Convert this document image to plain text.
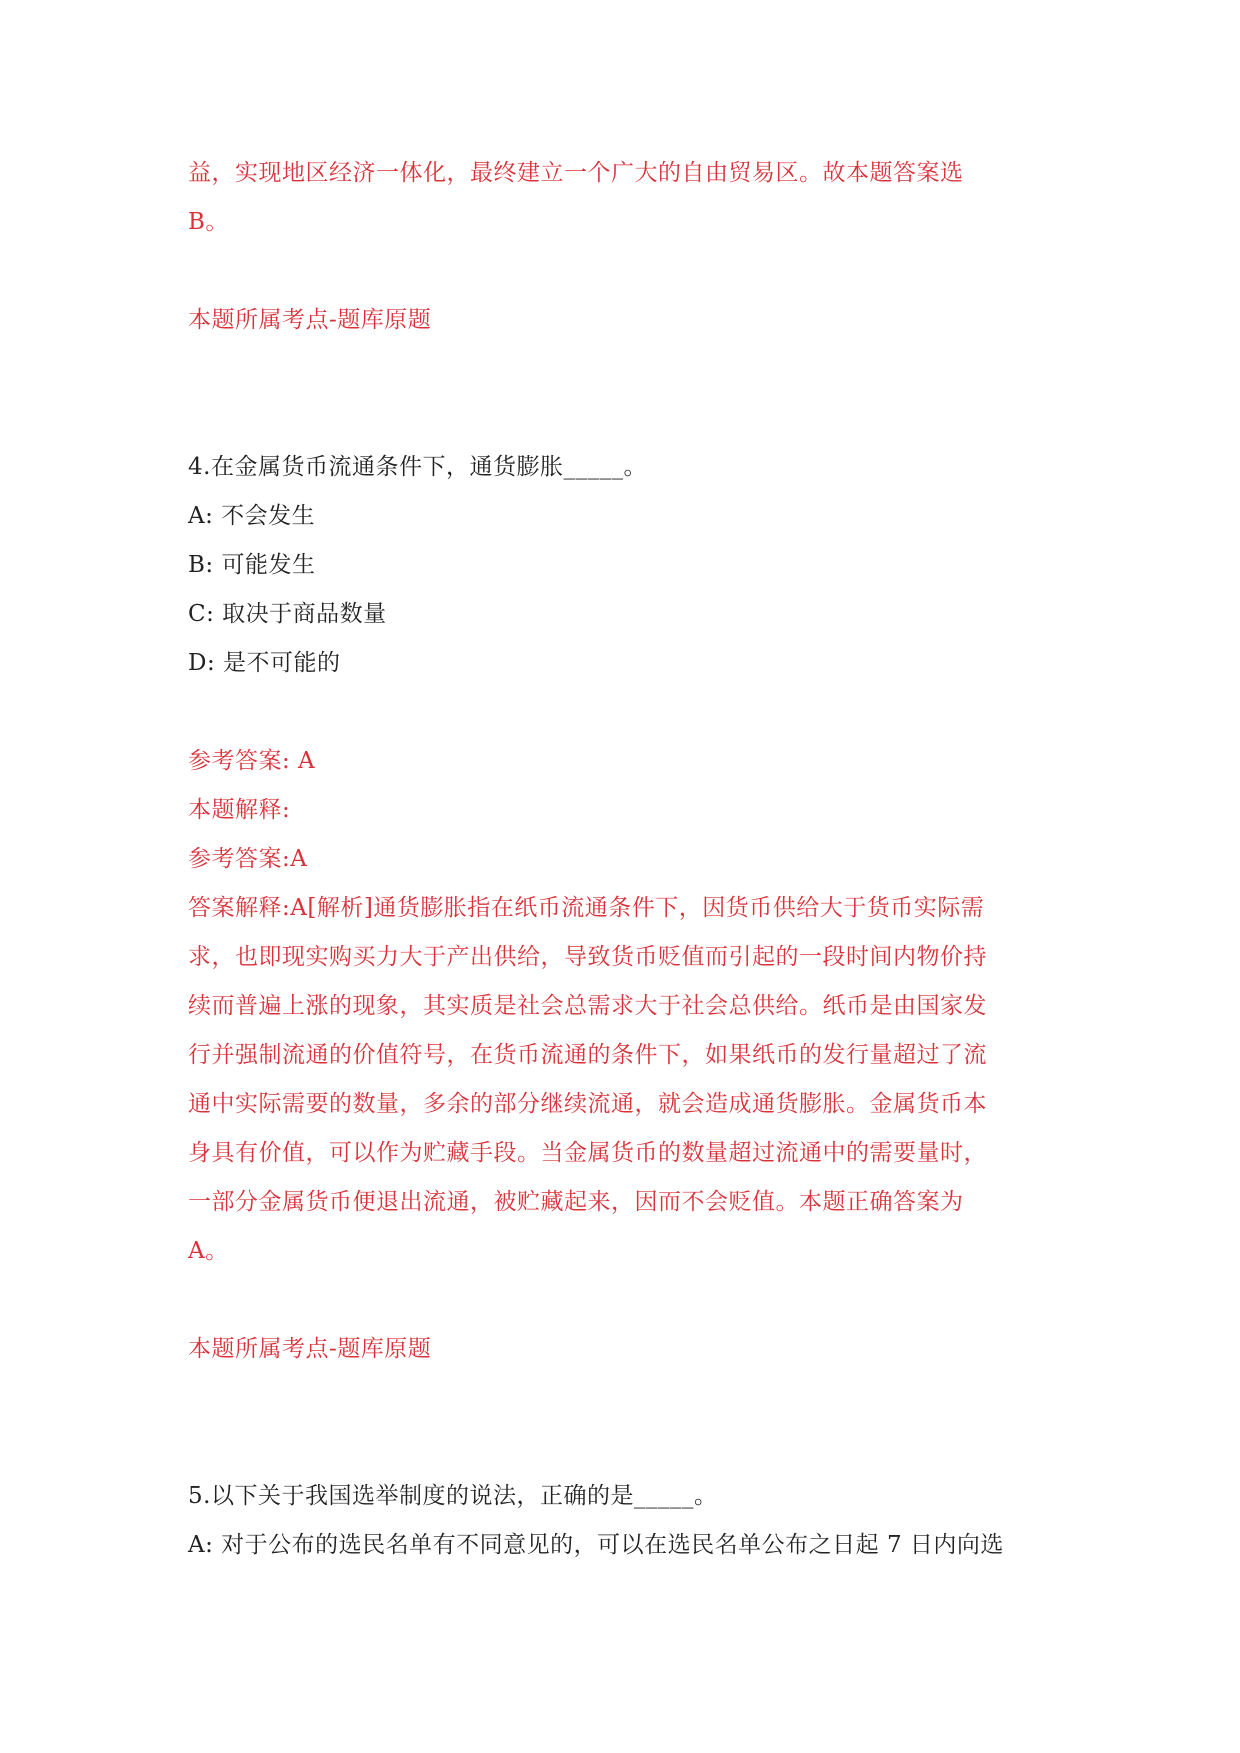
益，实现地区经济一体化，最终建立一个广大的自由贸易区。故本题答案选
B。
本题所属考点-题库原题
4.在金属货币流通条件下，通货膨胀_____。
A: 不会发生
B: 可能发生
C: 取决于商品数量
D: 是不可能的
参考答案: A
本题解释:
参考答案:A
答案解释:A[解析]通货膨胀指在纸币流通条件下，因货币供给大于货币实际需
求，也即现实购买力大于产出供给，导致货币贬值而引起的一段时间内物价持
续而普遍上涨的现象，其实质是社会总需求大于社会总供给。纸币是由国家发
行并强制流通的价值符号，在货币流通的条件下，如果纸币的发行量超过了流
通中实际需要的数量，多余的部分继续流通，就会造成通货膨胀。金属货币本
身具有价值，可以作为贮藏手段。当金属货币的数量超过流通中的需要量时，
一部分金属货币便退出流通，被贮藏起来，因而不会贬值。本题正确答案为
A。
本题所属考点-题库原题
5.以下关于我国选举制度的说法，正确的是_____。
A: 对于公布的选民名单有不同意见的，可以在选民名单公布之日起 7 日内向选
